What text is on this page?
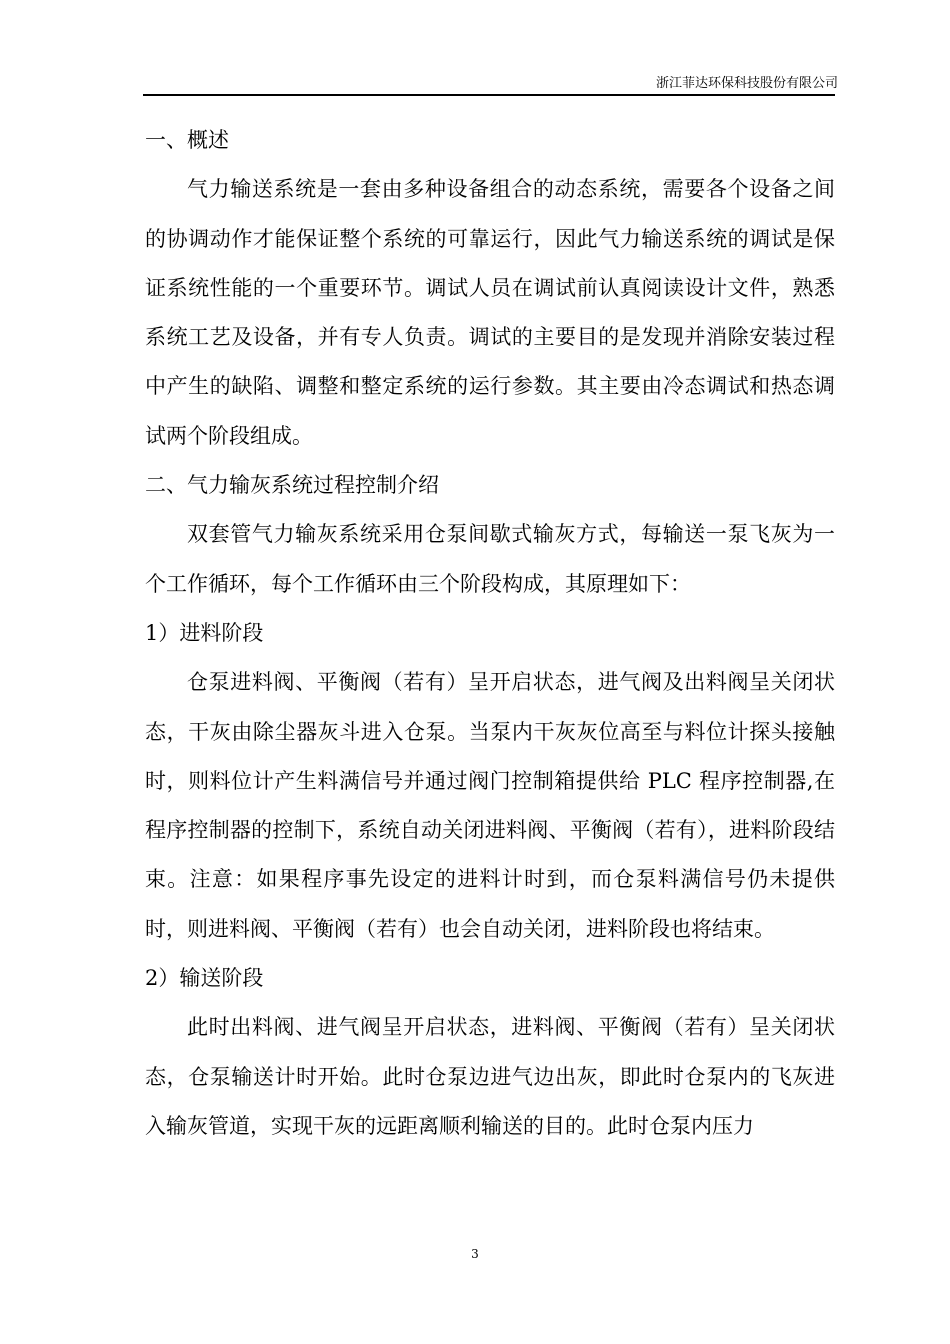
浙江菲达环保科技股份有限公司

一、概述

气力输送系统是一套由多种设备组合的动态系统，需要各个设备之间的协调动作才能保证整个系统的可靠运行，因此气力输送系统的调试是保证系统性能的一个重要环节。调试人员在调试前认真阅读设计文件，熟悉系统工艺及设备，并有专人负责。调试的主要目的是发现并消除安装过程中产生的缺陷、调整和整定系统的运行参数。其主要由冷态调试和热态调试两个阶段组成。

二、气力输灰系统过程控制介绍

双套管气力输灰系统采用仓泵间歇式输灰方式，每输送一泵飞灰为一个工作循环，每个工作循环由三个阶段构成，其原理如下：

1）进料阶段

仓泵进料阀、平衡阀（若有）呈开启状态，进气阀及出料阀呈关闭状态，干灰由除尘器灰斗进入仓泵。当泵内干灰灰位高至与料位计探头接触时，则料位计产生料满信号并通过阀门控制箱提供给 PLC 程序控制器,在程序控制器的控制下，系统自动关闭进料阀、平衡阀（若有），进料阶段结束。注意：如果程序事先设定的进料计时到，而仓泵料满信号仍未提供时，则进料阀、平衡阀（若有）也会自动关闭，进料阶段也将结束。

2）输送阶段

此时出料阀、进气阀呈开启状态，进料阀、平衡阀（若有）呈关闭状态，仓泵输送计时开始。此时仓泵边进气边出灰，即此时仓泵内的飞灰进入输灰管道，实现干灰的远距离顺利输送的目的。此时仓泵内压力

3
